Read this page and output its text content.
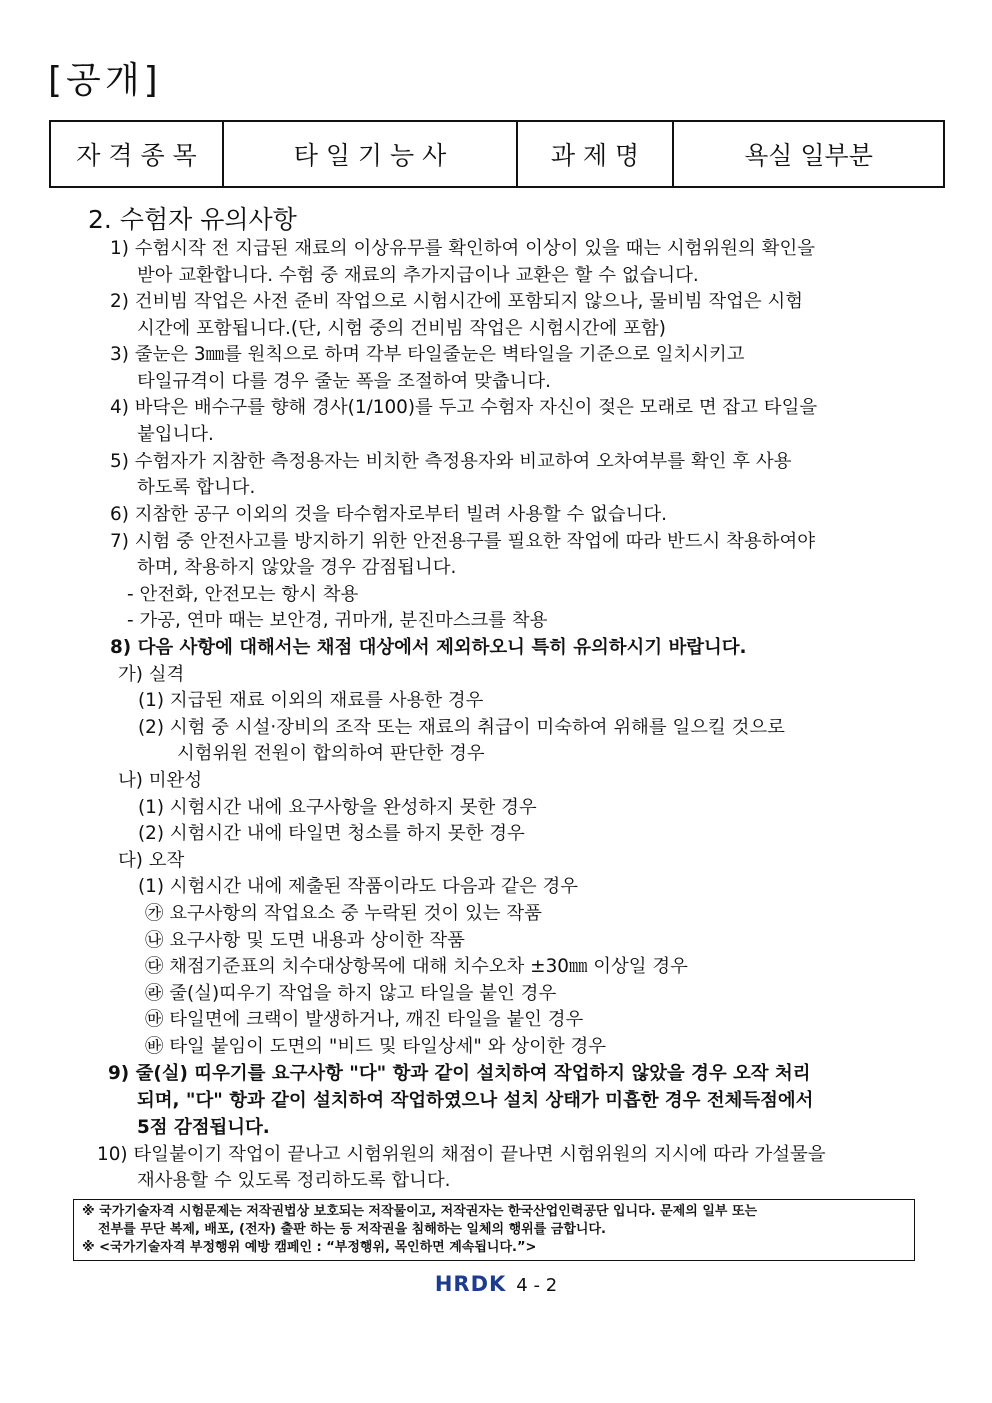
[공개]
자 격 종 목	타 일 기 능 사	과 제 명	욕실 일부분
2. 수험자 유의사항
1) 수험시작 전 지급된 재료의 이상유무를 확인하여 이상이 있을 때는 시험위원의 확인을
받아 교환합니다. 수험 중 재료의 추가지급이나 교환은 할 수 없습니다.
2) 건비빔 작업은 사전 준비 작업으로 시험시간에 포함되지 않으나, 물비빔 작업은 시험
시간에 포함됩니다.(단, 시험 중의 건비빔 작업은 시험시간에 포함)
3) 줄눈은 3㎜를 원칙으로 하며 각부 타일줄눈은 벽타일을 기준으로 일치시키고
타일규격이 다를 경우 줄눈 폭을 조절하여 맞춥니다.
4) 바닥은 배수구를 향해 경사(1/100)를 두고 수험자 자신이 젖은 모래로 면 잡고 타일을
붙입니다.
5) 수험자가 지참한 측정용자는 비치한 측정용자와 비교하여 오차여부를 확인 후 사용
하도록 합니다.
6) 지참한 공구 이외의 것을 타수험자로부터 빌려 사용할 수 없습니다.
7) 시험 중 안전사고를 방지하기 위한 안전용구를 필요한 작업에 따라 반드시 착용하여야
하며, 착용하지 않았을 경우 감점됩니다.
- 안전화, 안전모는 항시 착용
- 가공, 연마 때는 보안경, 귀마개, 분진마스크를 착용
8) 다음 사항에 대해서는 채점 대상에서 제외하오니 특히 유의하시기 바랍니다.
가) 실격
(1) 지급된 재료 이외의 재료를 사용한 경우
(2) 시험 중 시설·장비의 조작 또는 재료의 취급이 미숙하여 위해를 일으킬 것으로
시험위원 전원이 합의하여 판단한 경우
나) 미완성
(1) 시험시간 내에 요구사항을 완성하지 못한 경우
(2) 시험시간 내에 타일면 청소를 하지 못한 경우
다) 오작
(1) 시험시간 내에 제출된 작품이라도 다음과 같은 경우
㉮ 요구사항의 작업요소 중 누락된 것이 있는 작품
㉯ 요구사항 및 도면 내용과 상이한 작품
㉰ 채점기준표의 치수대상항목에 대해 치수오차 ±30㎜ 이상일 경우
㉱ 줄(실)띠우기 작업을 하지 않고 타일을 붙인 경우
㉲ 타일면에 크랙이 발생하거나, 깨진 타일을 붙인 경우
㉳ 타일 붙임이 도면의 "비드 및 타일상세" 와 상이한 경우
9) 줄(실) 띠우기를 요구사항 "다" 항과 같이 설치하여 작업하지 않았을 경우 오작 처리
되며, "다" 항과 같이 설치하여 작업하였으나 설치 상태가 미흡한 경우 전체득점에서
5점 감점됩니다.
10) 타일붙이기 작업이 끝나고 시험위원의 채점이 끝나면 시험위원의 지시에 따라 가설물을
재사용할 수 있도록 정리하도록 합니다.
※ 국가기술자격 시험문제는 저작권법상 보호되는 저작물이고, 저작권자는 한국산업인력공단 입니다. 문제의 일부 또는
전부를 무단 복제, 배포, (전자) 출판 하는 등 저작권을 침해하는 일체의 행위를 금합니다.
※ <국가기술자격 부정행위 예방 캠페인 : “부정행위, 목인하면 계속됩니다.”>
HRDK 4 - 2
